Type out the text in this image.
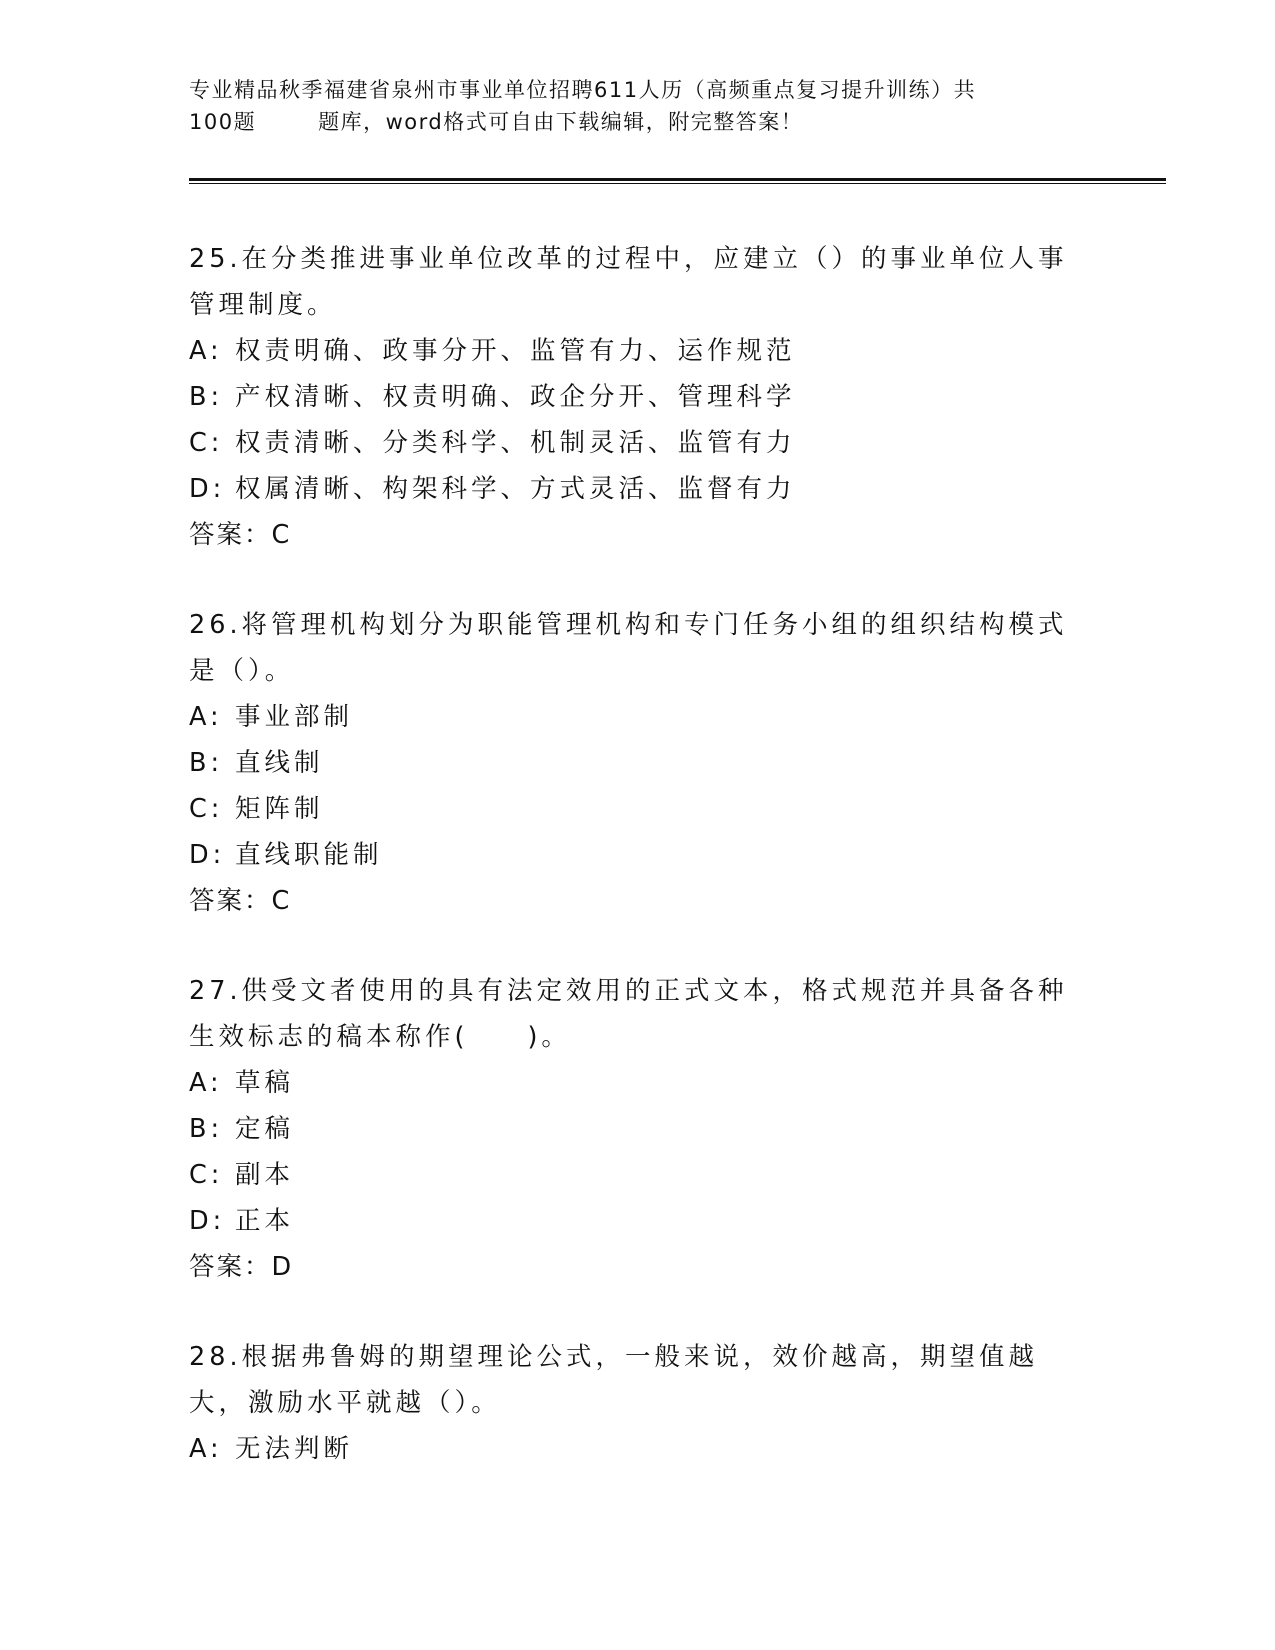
专业精品秋季福建省泉州市事业单位招聘611人历（高频重点复习提升训练）共
100题	题库，word格式可自由下载编辑，附完整答案！
25.在分类推进事业单位改革的过程中，应建立（）的事业单位人事管理制度。
A: 权责明确、政事分开、监管有力、运作规范
B: 产权清晰、权责明确、政企分开、管理科学
C: 权责清晰、分类科学、机制灵活、监管有力
D: 权属清晰、构架科学、方式灵活、监督有力
答案：C
26.将管理机构划分为职能管理机构和专门任务小组的组织结构模式是（）。
A: 事业部制
B: 直线制
C: 矩阵制
D: 直线职能制
答案：C
27.供受文者使用的具有法定效用的正式文本，格式规范并具备各种生效标志的稿本称作(　　)。
A: 草稿
B: 定稿
C: 副本
D: 正本
答案：D
28.根据弗鲁姆的期望理论公式，一般来说，效价越高，期望值越大，激励水平就越（）。
A: 无法判断
